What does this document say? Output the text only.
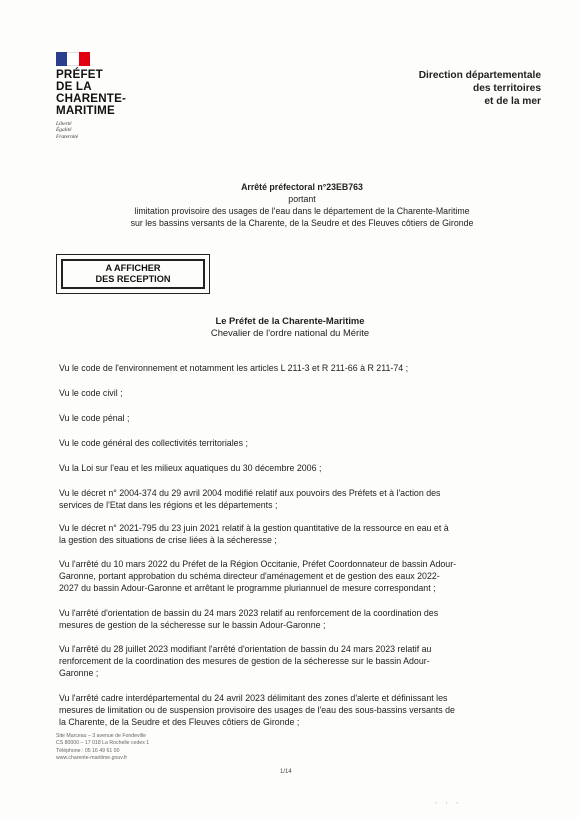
PRÉFET
DE LA
CHARENTE-
MARITIME
Liberté
Égalité
Fraternité
Direction départementale
des territoires
et de la mer
Arrêté préfectoral n°23EB763
portant
limitation provisoire des usages de l'eau dans le département de la Charente-Maritime
sur les bassins versants de la Charente, de la Seudre et des Fleuves côtiers de Gironde
A AFFICHER
DES RECEPTION
Le Préfet de la Charente-Maritime
Chevalier de l'ordre national du Mérite
Vu le code de l'environnement et notamment les articles L 211-3 et R 211-66 à R 211-74 ;
Vu le code civil ;
Vu le code pénal ;
Vu le code général des collectivités territoriales ;
Vu la Loi sur l'eau et les milieux aquatiques du 30 décembre 2006 ;
Vu le décret n° 2004-374 du 29 avril 2004 modifié relatif aux pouvoirs des Préfets et à l'action des
services de l'Etat dans les régions et les départements ;
Vu le décret n° 2021-795 du 23 juin 2021 relatif à la gestion quantitative de la ressource en eau et à
la gestion des situations de crise liées à la sécheresse ;
Vu l'arrêté du 10 mars 2022 du Préfet de la Région Occitanie, Préfet Coordonnateur de bassin Adour-
Garonne, portant approbation du schéma directeur d'aménagement et de gestion des eaux 2022-
2027 du bassin Adour-Garonne et arrêtant le programme pluriannuel de mesure correspondant ;
Vu l'arrêté d'orientation de bassin du 24 mars 2023 relatif au renforcement de la coordination des
mesures de gestion de la sécheresse sur le bassin Adour-Garonne ;
Vu l'arrêté du 28 juillet 2023 modifiant l'arrêté d'orientation de bassin du 24 mars 2023 relatif au
renforcement de la coordination des mesures de gestion de la sécheresse sur le bassin Adour-
Garonne ;
Vu l'arrêté cadre interdépartemental du 24 avril 2023 délimitant des zones d'alerte et définissant les
mesures de limitation ou de suspension provisoire des usages de l'eau des sous-bassins versants de
la Charente, de la Seudre et des Fleuves côtiers de Gironde ;
Site Marceau – 3 avenue de Fondeville
CS 80000 – 17 018 La Rochelle cedex 1
Téléphone : 05 16 49 61 00
www.charente-maritime.gouv.fr
1/14
· · ·
